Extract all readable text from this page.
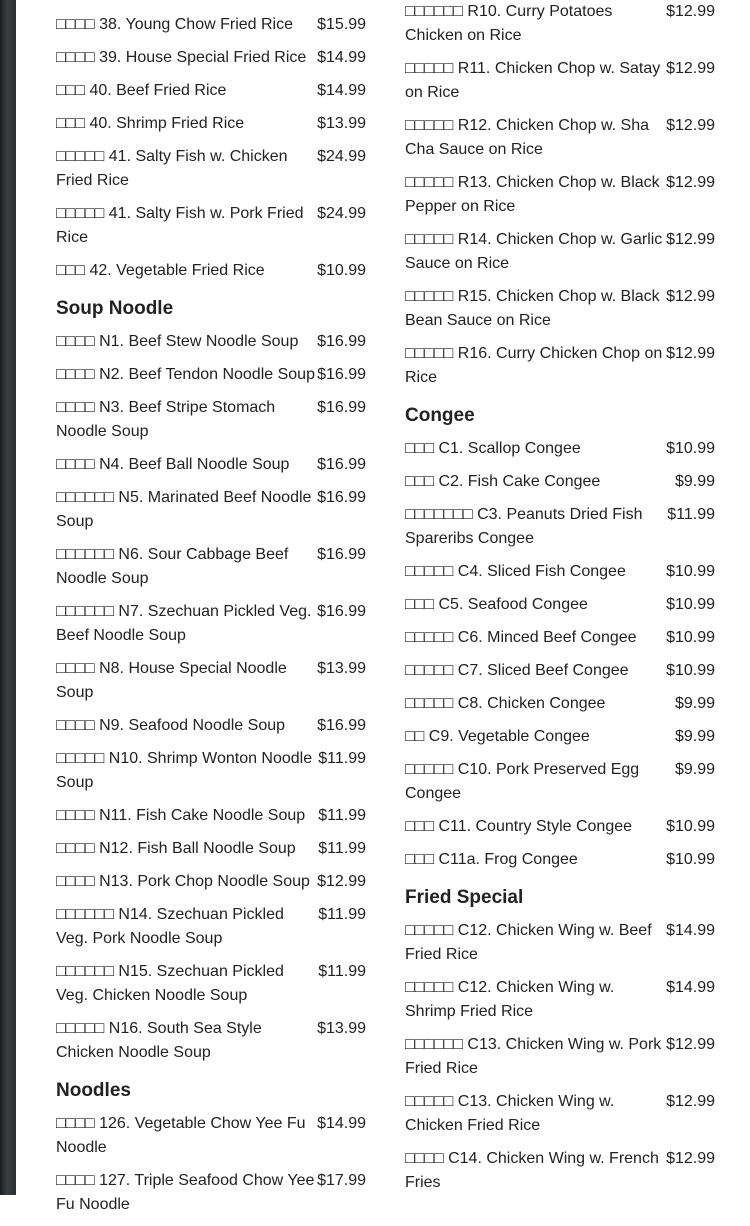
□□□□ 38. Young Chow Fried Rice	$15.99
□□□□ 39. House Special Fried Rice $14.99
□□□ 40. Beef Fried Rice	$14.99
□□□ 40. Shrimp Fried Rice	$13.99
□□□□□ 41. Salty Fish w. Chicken Fried Rice
$24.99
□□□□□ 41. Salty Fish w. Pork Fried Rice
$24.99
□□□ 42. Vegetable Fried Rice	$10.99
Soup Noodle
□□□□ N1. Beef Stew Noodle Soup	$16.99
□□□□ N2. Beef Tendon Noodle Soup $16.99
□□□□ N3. Beef Stripe Stomach Noodle Soup
$16.99
□□□□ N4. Beef Ball Noodle Soup	$16.99
□□□□□□ N5. Marinated Beef Noodle Soup
$16.99
□□□□□□ N6. Sour Cabbage Beef Noodle Soup
$16.99
□□□□□□ N7. Szechuan Pickled Veg. Beef Noodle Soup
$16.99
□□□□ N8. House Special Noodle Soup
$13.99
□□□□ N9. Seafood Noodle Soup	$16.99
□□□□□ N10. Shrimp Wonton Noodle Soup
$11.99
□□□□ N11. Fish Cake Noodle Soup $11.99
□□□□ N12. Fish Ball Noodle Soup	$11.99
□□□□ N13. Pork Chop Noodle Soup $12.99
□□□□□□ N14. Szechuan Pickled Veg. Pork Noodle Soup
$11.99
□□□□□□ N15. Szechuan Pickled Veg. Chicken Noodle Soup
$11.99
□□□□□ N16. South Sea Style Chicken Noodle Soup
$13.99
Noodles
□□□□ 126. Vegetable Chow Yee Fu Noodle
$14.99
□□□□ 127. Triple Seafood Chow Yee Fu Noodle
$17.99
□□□□□□ R10. Curry Potatoes Chicken on Rice
$12.99
□□□□□ R11. Chicken Chop w. Satay on Rice
$12.99
□□□□□ R12. Chicken Chop w. Sha Cha Sauce on Rice
$12.99
□□□□□ R13. Chicken Chop w. Black Pepper on Rice
$12.99
□□□□□ R14. Chicken Chop w. Garlic Sauce on Rice
$12.99
□□□□□ R15. Chicken Chop w. Black Bean Sauce on Rice
$12.99
□□□□□ R16. Curry Chicken Chop on Rice
$12.99
Congee
□□□ C1. Scallop Congee	$10.99
□□□ C2. Fish Cake Congee	$9.99
□□□□□□□ C3. Peanuts Dried Fish Spareribs Congee
$11.99
□□□□□ C4. Sliced Fish Congee	$10.99
□□□ C5. Seafood Congee	$10.99
□□□□□ C6. Minced Beef Congee	$10.99
□□□□□ C7. Sliced Beef Congee	$10.99
□□□□□ C8. Chicken Congee	$9.99
□□ C9. Vegetable Congee	$9.99
□□□□□ C10. Pork Preserved Egg Congee
$9.99
□□□ C11. Country Style Congee	$10.99
□□□ C11a. Frog Congee	$10.99
Fried Special
□□□□□ C12. Chicken Wing w. Beef Fried Rice
$14.99
□□□□□ C12. Chicken Wing w. Shrimp Fried Rice
$14.99
□□□□□□ C13. Chicken Wing w. Pork Fried Rice
$12.99
□□□□□ C13. Chicken Wing w. Chicken Fried Rice
$12.99
□□□□ C14. Chicken Wing w. French Fries
$12.99
